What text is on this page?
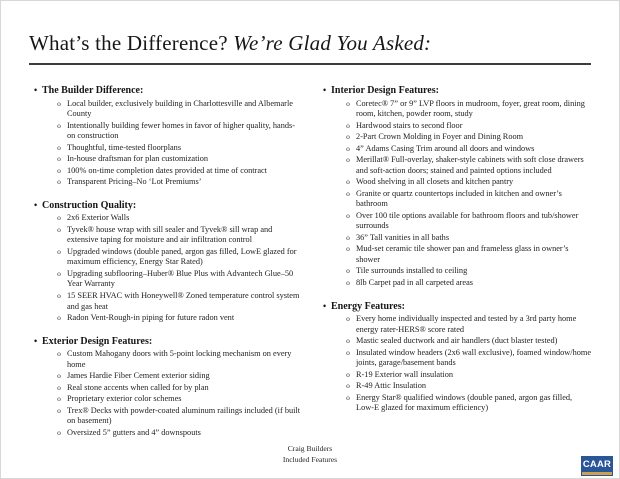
What’s the Difference? We’re Glad You Asked:
• The Builder Difference:
o Local builder, exclusively building in Charlottesville and Albemarle County
o Intentionally building fewer homes in favor of higher quality, hands-on construction
o Thoughtful, time-tested floorplans
o In-house draftsman for plan customization
o 100% on-time completion dates provided at time of contract
o Transparent Pricing–No ‘Lot Premiums’
• Construction Quality:
o 2x6 Exterior Walls
o Tyvek® house wrap with sill sealer and Tyvek® sill wrap and extensive taping for moisture and air infiltration control
o Upgraded windows (double paned, argon gas filled, LowE glazed for maximum efficiency, Energy Star Rated)
o Upgrading subflooring–Huber® Blue Plus with Advantech Glue–50 Year Warranty
o 15 SEER HVAC with Honeywell® Zoned temperature control system and gas heat
o Radon Vent-Rough-in piping for future radon vent
• Exterior Design Features:
o Custom Mahogany doors with 5-point locking mechanism on every home
o James Hardie Fiber Cement exterior siding
o Real stone accents when called for by plan
o Proprietary exterior color schemes
o Trex® Decks with powder-coated aluminum railings included (if built on basement)
o Oversized 5” gutters and 4” downspouts
• Interior Design Features:
o Coretec® 7” or 9” LVP floors in mudroom, foyer, great room, dining room, kitchen, powder room, study
o Hardwood stairs to second floor
o 2-Part Crown Molding in Foyer and Dining Room
o 4” Adams Casing Trim around all doors and windows
o Merillat® Full-overlay, shaker-style cabinets with soft close drawers and soft-action doors; stained and painted options included
o Wood shelving in all closets and kitchen pantry
o Granite or quartz countertops included in kitchen and owner’s bathroom
o Over 100 tile options available for bathroom floors and tub/shower surrounds
o 36” Tall vanities in all baths
o Mud-set ceramic tile shower pan and frameless glass in owner’s shower
o Tile surrounds installed to ceiling
o 8lb Carpet pad in all carpeted areas
• Energy Features:
o Every home individually inspected and tested by a 3rd party home energy rater-HERS® score rated
o Mastic sealed ductwork and air handlers (duct blaster tested)
o Insulated window headers (2x6 wall exclusive), foamed window/home joints, garage/basement bands
o R-19 Exterior wall insulation
o R-49 Attic Insulation
o Energy Star® qualified windows (double paned, argon gas filled, Low-E glazed for maximum efficiency)
Craig Builders
Included Features	CAAR
